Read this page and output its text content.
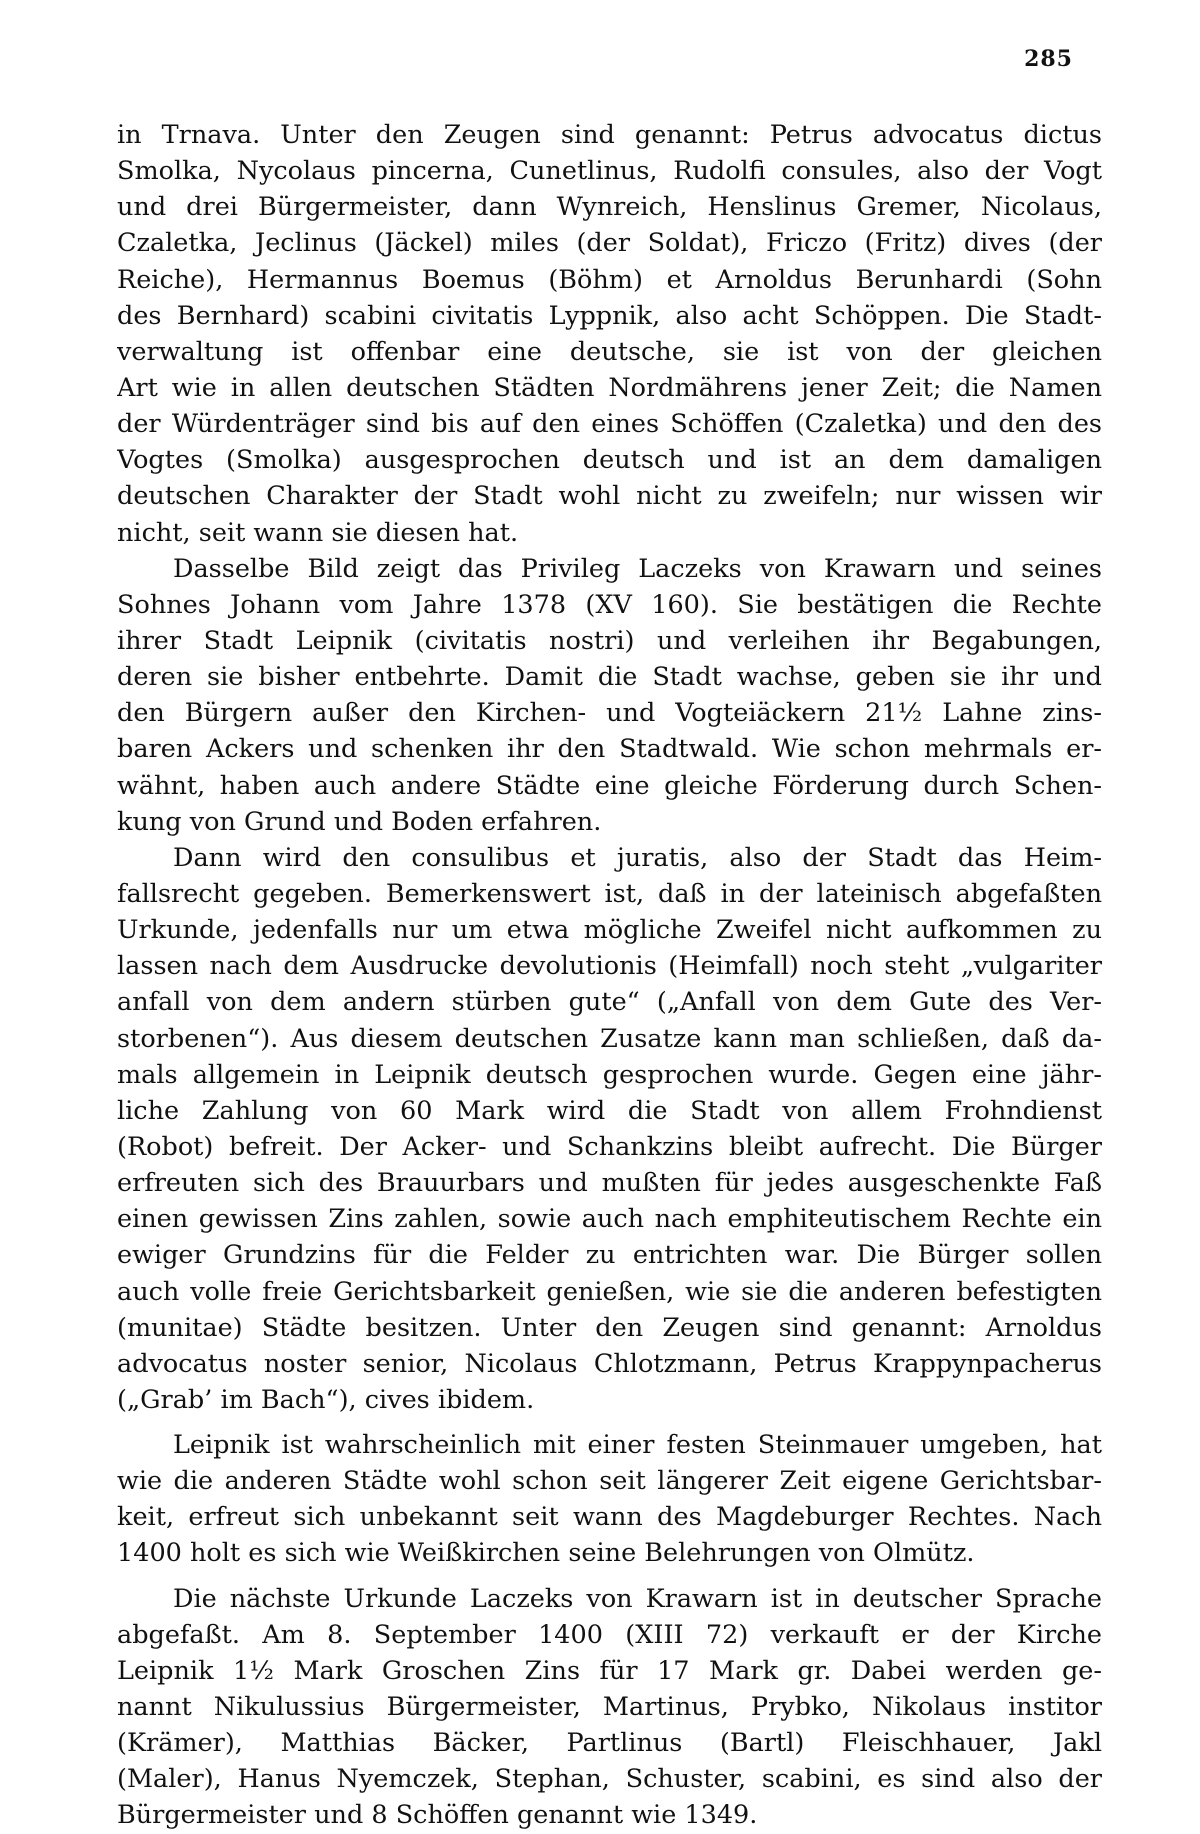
285
in Trnava. Unter den Zeugen sind genannt: Petrus advocatus dictus
Smolka, Nycolaus pincerna, Cunetlinus, Rudolfi consules, also der Vogt
und drei Bürgermeister, dann Wynreich, Henslinus Gremer, Nicolaus,
Czaletka, Jeclinus (Jäckel) miles (der Soldat), Friczo (Fritz) dives (der
Reiche), Hermannus Boemus (Böhm) et Arnoldus Berunhardi (Sohn
des Bernhard) scabini civitatis Lyppnik, also acht Schöppen. Die Stadt-
verwaltung ist offenbar eine deutsche, sie ist von der gleichen
Art wie in allen deutschen Städten Nordmährens jener Zeit; die Namen
der Würdenträger sind bis auf den eines Schöffen (Czaletka) und den des
Vogtes (Smolka) ausgesprochen deutsch und ist an dem damaligen
deutschen Charakter der Stadt wohl nicht zu zweifeln; nur wissen wir
nicht, seit wann sie diesen hat.
Dasselbe Bild zeigt das Privileg Laczeks von Krawarn und seines
Sohnes Johann vom Jahre 1378 (XV 160). Sie bestätigen die Rechte
ihrer Stadt Leipnik (civitatis nostri) und verleihen ihr Begabungen,
deren sie bisher entbehrte. Damit die Stadt wachse, geben sie ihr und
den Bürgern außer den Kirchen- und Vogteiäckern 21½ Lahne zins-
baren Ackers und schenken ihr den Stadtwald. Wie schon mehrmals er-
wähnt, haben auch andere Städte eine gleiche Förderung durch Schen-
kung von Grund und Boden erfahren.
Dann wird den consulibus et juratis, also der Stadt das Heim-
fallsrecht gegeben. Bemerkenswert ist, daß in der lateinisch abgefaßten
Urkunde, jedenfalls nur um etwa mögliche Zweifel nicht aufkommen zu
lassen nach dem Ausdrucke devolutionis (Heimfall) noch steht „vulgariter
anfall von dem andern stürben gute“ („Anfall von dem Gute des Ver-
storbenen“). Aus diesem deutschen Zusatze kann man schließen, daß da-
mals allgemein in Leipnik deutsch gesprochen wurde. Gegen eine jähr-
liche Zahlung von 60 Mark wird die Stadt von allem Frohndienst
(Robot) befreit. Der Acker- und Schankzins bleibt aufrecht. Die Bürger
erfreuten sich des Brauurbars und mußten für jedes ausgeschenkte Faß
einen gewissen Zins zahlen, sowie auch nach emphiteutischem Rechte ein
ewiger Grundzins für die Felder zu entrichten war. Die Bürger sollen
auch volle freie Gerichtsbarkeit genießen, wie sie die anderen befestigten
(munitae) Städte besitzen. Unter den Zeugen sind genannt: Arnoldus
advocatus noster senior, Nicolaus Chlotzmann, Petrus Krappynpacherus
(„Grab’ im Bach“), cives ibidem.
Leipnik ist wahrscheinlich mit einer festen Steinmauer umgeben, hat
wie die anderen Städte wohl schon seit längerer Zeit eigene Gerichtsbar-
keit, erfreut sich unbekannt seit wann des Magdeburger Rechtes. Nach
1400 holt es sich wie Weißkirchen seine Belehrungen von Olmütz.
Die nächste Urkunde Laczeks von Krawarn ist in deutscher Sprache
abgefaßt. Am 8. September 1400 (XIII 72) verkauft er der Kirche
Leipnik 1½ Mark Groschen Zins für 17 Mark gr. Dabei werden ge-
nannt Nikulussius Bürgermeister, Martinus, Prybko, Nikolaus institor
(Krämer), Matthias Bäcker, Partlinus (Bartl) Fleischhauer, Jakl
(Maler), Hanus Nyemczek, Stephan, Schuster, scabini, es sind also der
Bürgermeister und 8 Schöffen genannt wie 1349.
